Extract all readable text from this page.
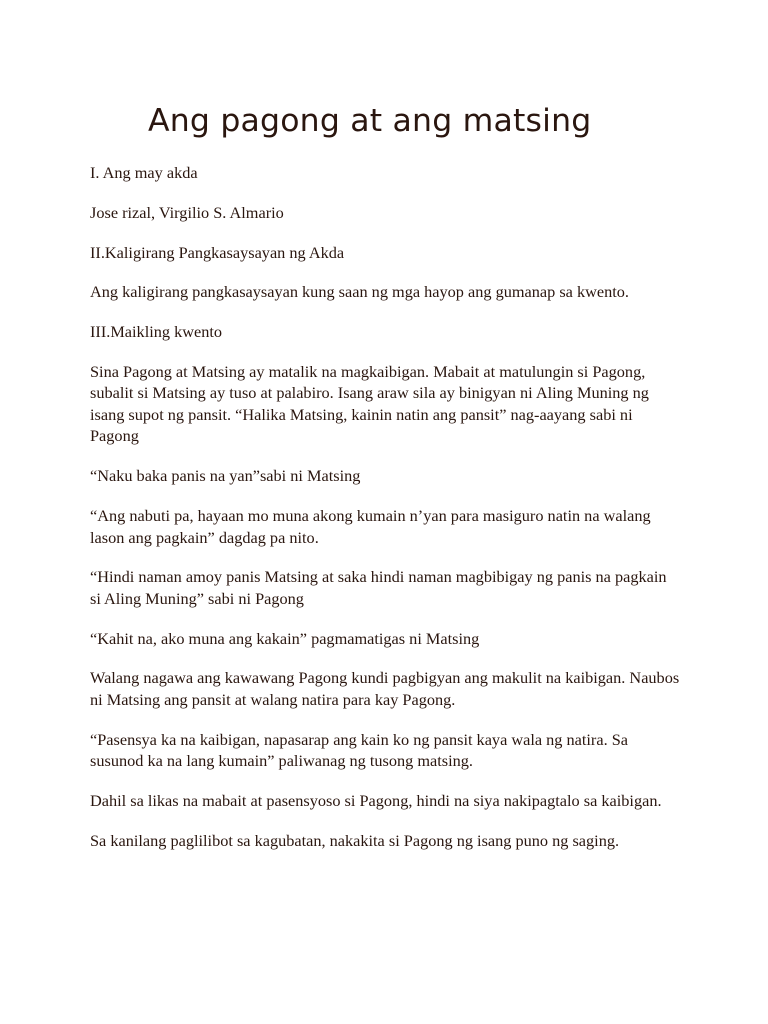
Ang pagong at ang matsing

I. Ang may akda

Jose rizal, Virgilio S. Almario

II.Kaligirang Pangkasaysayan ng Akda

Ang kaligirang pangkasaysayan kung saan ng mga hayop ang gumanap sa kwento.

III.Maikling kwento

Sina Pagong at Matsing ay matalik na magkaibigan. Mabait at matulungin si Pagong, subalit si Matsing ay tuso at palabiro. Isang araw sila ay binigyan ni Aling Muning ng isang supot ng pansit. “Halika Matsing, kainin natin ang pansit” nag-aayang sabi ni Pagong

“Naku baka panis na yan”sabi ni Matsing

“Ang nabuti pa, hayaan mo muna akong kumain n’yan para masiguro natin na walang lason ang pagkain” dagdag pa nito.

“Hindi naman amoy panis Matsing at saka hindi naman magbibigay ng panis na pagkain si Aling Muning” sabi ni Pagong

“Kahit na, ako muna ang kakain” pagmamatigas ni Matsing

Walang nagawa ang kawawang Pagong kundi pagbigyan ang makulit na kaibigan. Naubos ni Matsing ang pansit at walang natira para kay Pagong.

“Pasensya ka na kaibigan, napasarap ang kain ko ng pansit kaya wala ng natira. Sa susunod ka na lang kumain” paliwanag ng tusong matsing.

Dahil sa likas na mabait at pasensyoso si Pagong, hindi na siya nakipagtalo sa kaibigan.

Sa kanilang paglilibot sa kagubatan, nakakita si Pagong ng isang puno ng saging.
